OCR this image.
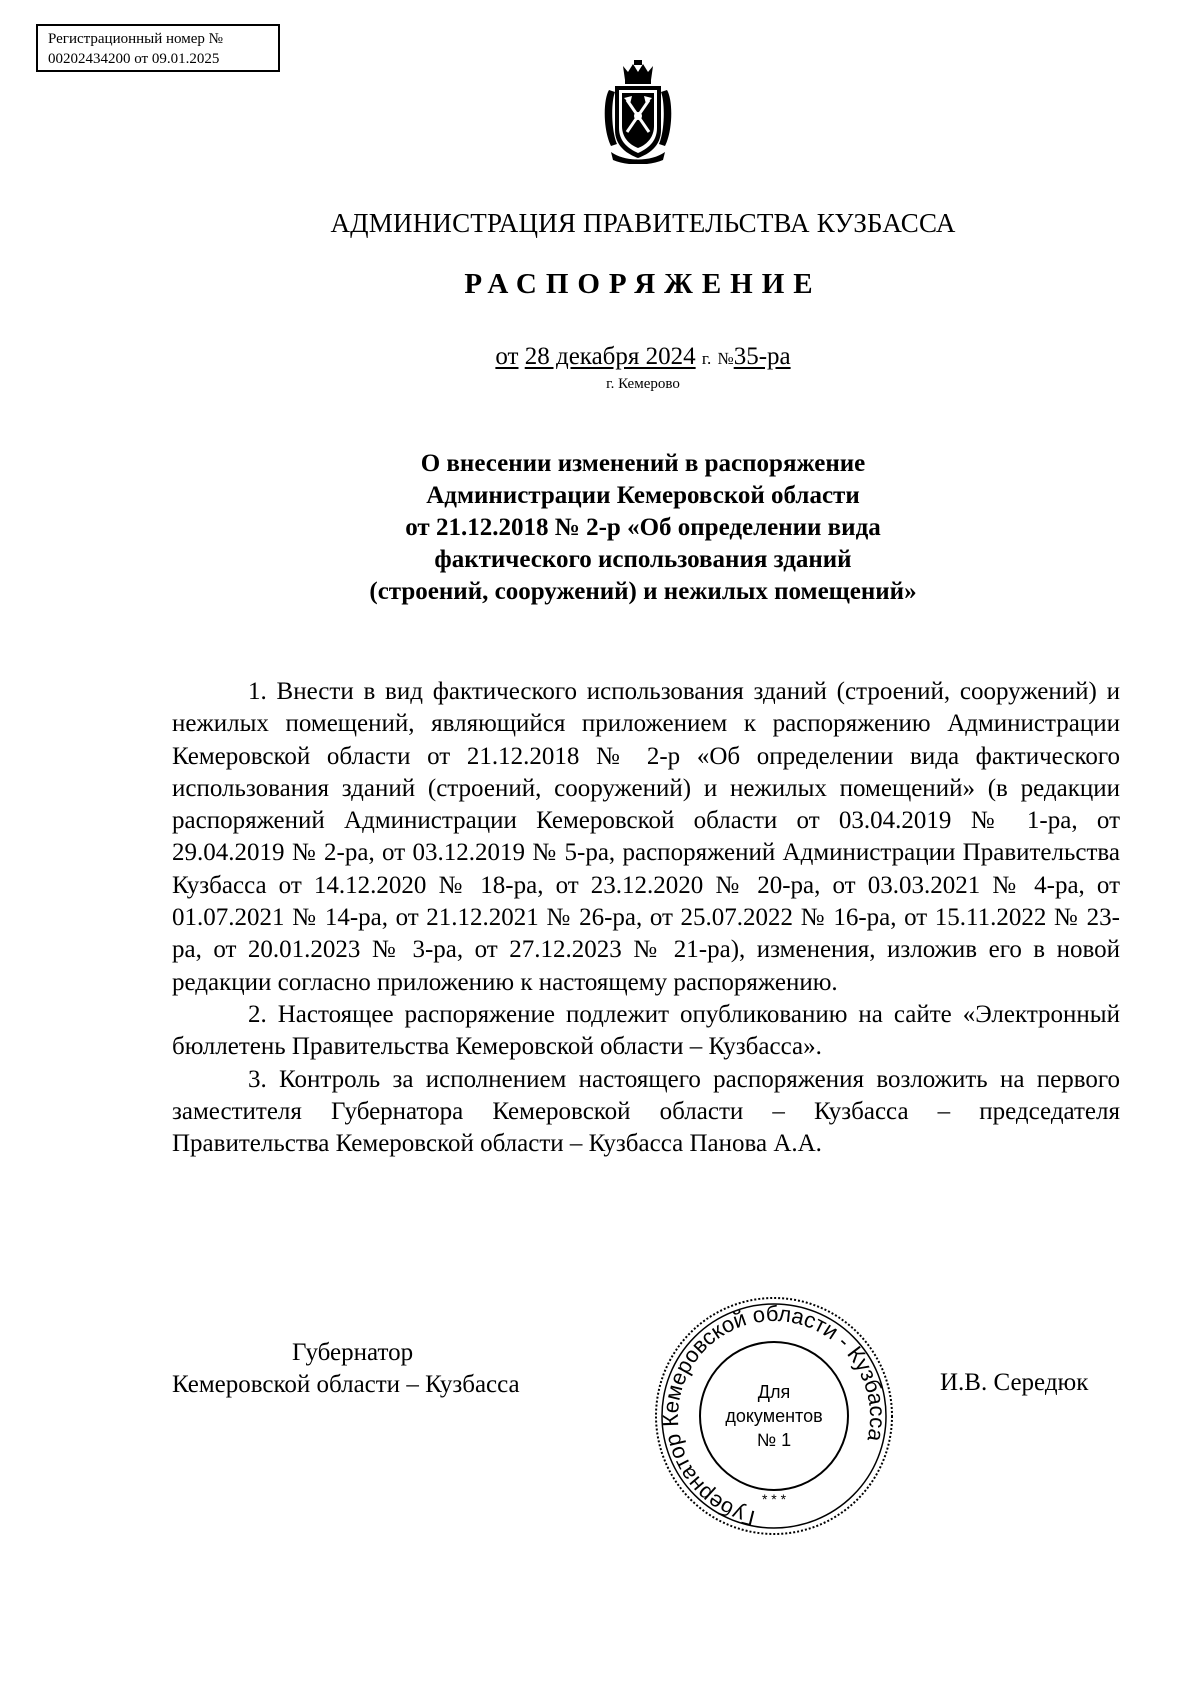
Регистрационный номер №
00202434200 от 09.01.2025
АДМИНИСТРАЦИЯ ПРАВИТЕЛЬСТВА КУЗБАССА
РАСПОРЯЖЕНИЕ
от 28 декабря 2024 г. №35-ра
г. Кемерово
О внесении изменений в распоряжение
Администрации Кемеровской области
от 21.12.2018 № 2-р «Об определении вида
фактического использования зданий
(строений, сооружений) и нежилых помещений»

1. Внести в вид фактического использования зданий (строений, сооружений) и нежилых помещений, являющийся приложением к распоряжению Администрации Кемеровской области от 21.12.2018 № 2-р «Об определении вида фактического использования зданий (строений, сооружений) и нежилых помещений» (в редакции распоряжений Администрации Кемеровской области от 03.04.2019 № 1-ра, от 29.04.2019 № 2-ра, от 03.12.2019 № 5-ра, распоряжений Администрации Правительства Кузбасса от 14.12.2020 № 18-ра, от 23.12.2020 № 20-ра, от 03.03.2021 № 4-ра, от 01.07.2021 № 14-ра, от 21.12.2021 № 26-ра, от 25.07.2022 № 16-ра, от 15.11.2022 № 23-ра, от 20.01.2023 № 3-ра, от 27.12.2023 № 21-ра), изменения, изложив его в новой редакции согласно приложению к настоящему распоряжению.

2. Настоящее распоряжение подлежит опубликованию на сайте «Электронный бюллетень Правительства Кемеровской области – Кузбасса».

3. Контроль за исполнением настоящего распоряжения возложить на первого заместителя Губернатора Кемеровской области – Кузбасса – председателя Правительства Кемеровской области – Кузбасса Панова А.А.

Губернатор
Кемеровской области – Кузбасса	И.В. Середюк
Губернатор Кемеровской области - Кузбасса
Для
документов
№ 1
* * *
